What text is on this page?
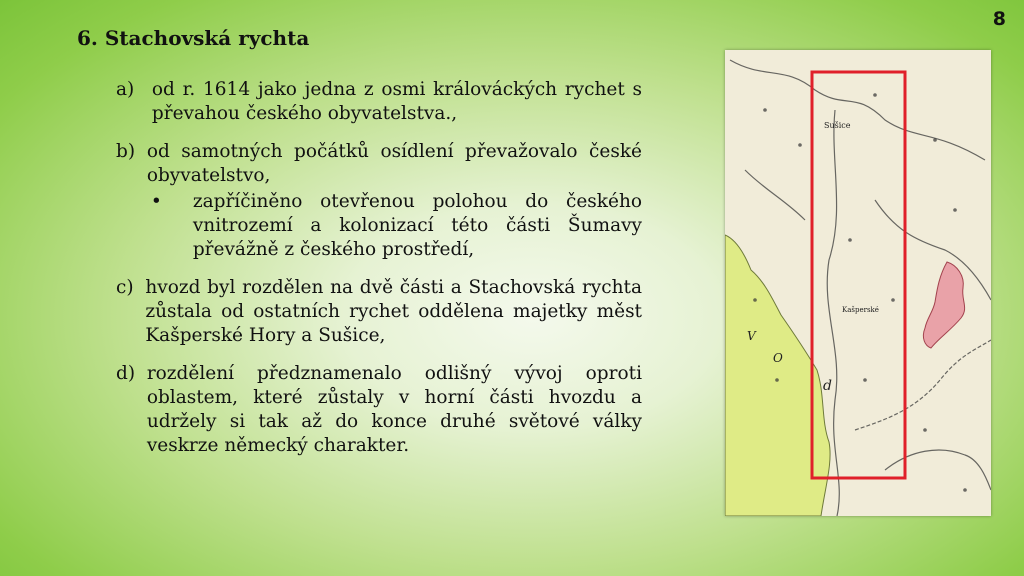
8
6. Stachovská rychta
a) od r. 1614 jako jedna z osmi králováckých rychet s převahou českého obyvatelstva.,
b) od samotných počátků osídlení převažovalo české obyvatelstvo,
•	zapříčiněno otevřenou polohou do českého vnitrozemí a kolonizací této části Šumavy převážně z českého prostředí,
c) hvozd byl rozdělen na dvě části a Stachovská rychta zůstala od ostatních rychet oddělena majetky měst Kašperské Hory a Sušice,
d) rozdělení předznamenalo odlišný vývoj oproti oblastem, které zůstaly v horní části hvozdu a udržely si tak až do konce druhé světové války veskrze německý charakter.
Sušice
Kašperské
V
O
d
